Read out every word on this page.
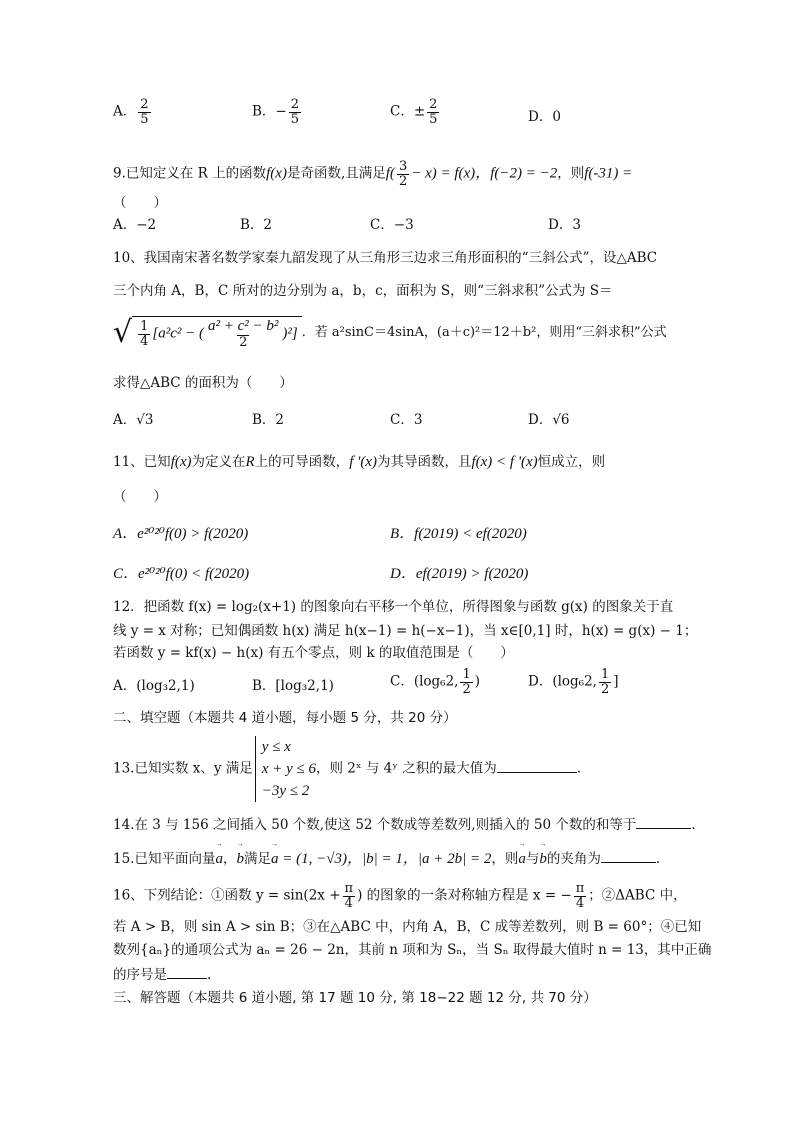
A． $\frac{2}{5}$	B．− $\frac{2}{5}$	C．± $\frac{2}{5}$	D．0
9.已知定义在 R 上的函数f(x)是奇函数,且满足$f( \frac{3}{2} - x) = f(x)$，f(−2) = −2，则f(-31) =
（　　）
A．−2	B．2	C．−3	D．3
10、我国南宋著名数学家秦九韶发现了从三角形三边求三角形面积的“三斜公式”，设△ABC
三个内角 A，B，C 所对的边分别为 a，b，c，面积为 S，则“三斜求积”公式为 S＝
√ $\frac{1}{4} [a^2c^2$ − ( $\frac{\text{a² + c² − b²}}{2} )^2$] ．若 a²sinC＝4sinA，(a＋c)²＝12＋b²，则用“三斜求积”公式
求得△ABC 的面积为（　　）
A．√3	B．2	C．3	D．√6
11、已知f(x)为定义在R上的可导函数，f '(x)为其导函数，且f(x) < f '(x)恒成立，则
（　　）
A．e²⁰²⁰f(0) > f(2020)	B．f(2019) < ef(2020)
C．e²⁰²⁰f(0) < f(2020)	D．ef(2019) > f(2020)
12．把函数 f(x) = log₂(x+1) 的图象向右平移一个单位，所得图象与函数 g(x) 的图象关于直
线 y = x 对称；已知偶函数 h(x) 满足 h(x−1) = h(−x−1)，当 x∈[0,1] 时，h(x) = g(x) − 1；
若函数 y = kf(x) − h(x) 有五个零点，则 k 的取值范围是（　　）
A．(log₃2,1)	B．[log₃2,1)	C．(log₆2, $\frac{1}{2}$ )	D．(log₆2, $\frac{1}{2}$ ]
二、填空题（本题共 4 道小题，每小题 5 分，共 20 分）
13.已知实数 x、y 满足
y ≤ x
x + y ≤ 6
−3y ≤ 2
，则 2ˣ 与 4ʸ 之积的最大值为	.
14.在 3 与 156 之间插入 50 个数,使这 52 个数成等差数列,则插入的 50 个数的和等于	.
15.已知平面向量→ a，→ b满足→ a = (1, −√3)，|b| = 1，|a + 2b| = 2，则→ a与→ b的夹角为	.
16、下列结论：①函数 $y = \sin(2x + \frac{\pi}{4}$ ) 的图象的一条对称轴方程是 x = − $\frac{\pi}{4}$ ；②ΔABC 中，
若 A > B，则 sin A > sin B；③在△ABC 中，内角 A，B，C 成等差数列，则 B = 60°；④已知
数列{aₙ}的通项公式为 aₙ = 26 − 2n，其前 n 项和为 Sₙ，当 Sₙ 取得最大值时 n = 13，其中正确
的序号是	.
三、解答题（本题共 6 道小题, 第 17 题 10 分, 第 18−22 题 12 分, 共 70 分）
